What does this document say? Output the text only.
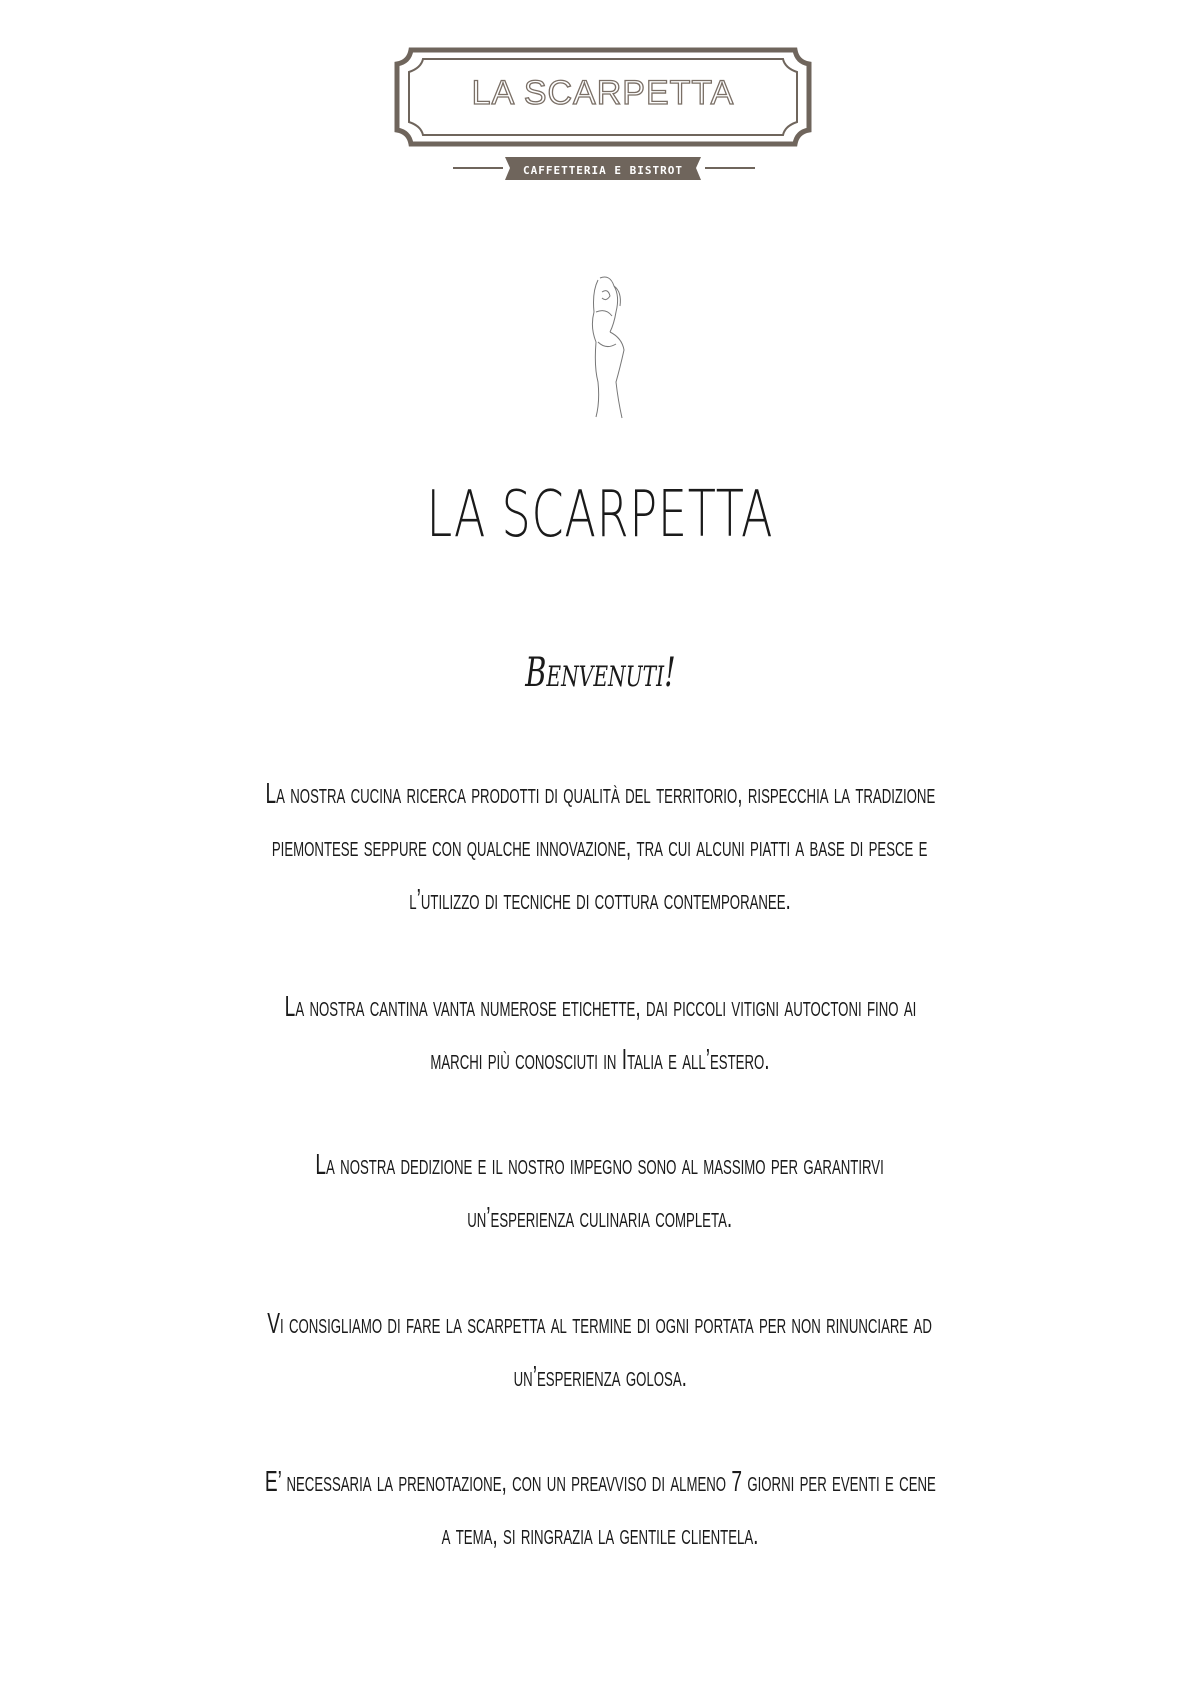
LA SCARPETTA
CAFFETTERIA E BISTROT
LA SCARPETTA
Benvenuti!
La nostra cucina ricerca prodotti di qualità del territorio, rispecchia la tradizione
piemontese seppure con qualche innovazione, tra cui alcuni piatti a base di pesce e
l’utilizzo di tecniche di cottura contemporanee.
La nostra cantina vanta numerose etichette, dai piccoli vitigni autoctoni fino ai
marchi più conosciuti in Italia e all’estero.
La nostra dedizione e il nostro impegno sono al massimo per garantirvi
un’esperienza culinaria completa.
Vi consigliamo di fare la scarpetta al termine di ogni portata per non rinunciare ad
un’esperienza golosa.
E’ necessaria la prenotazione, con un preavviso di almeno 7 giorni per eventi e cene
a tema, si ringrazia la gentile clientela.
